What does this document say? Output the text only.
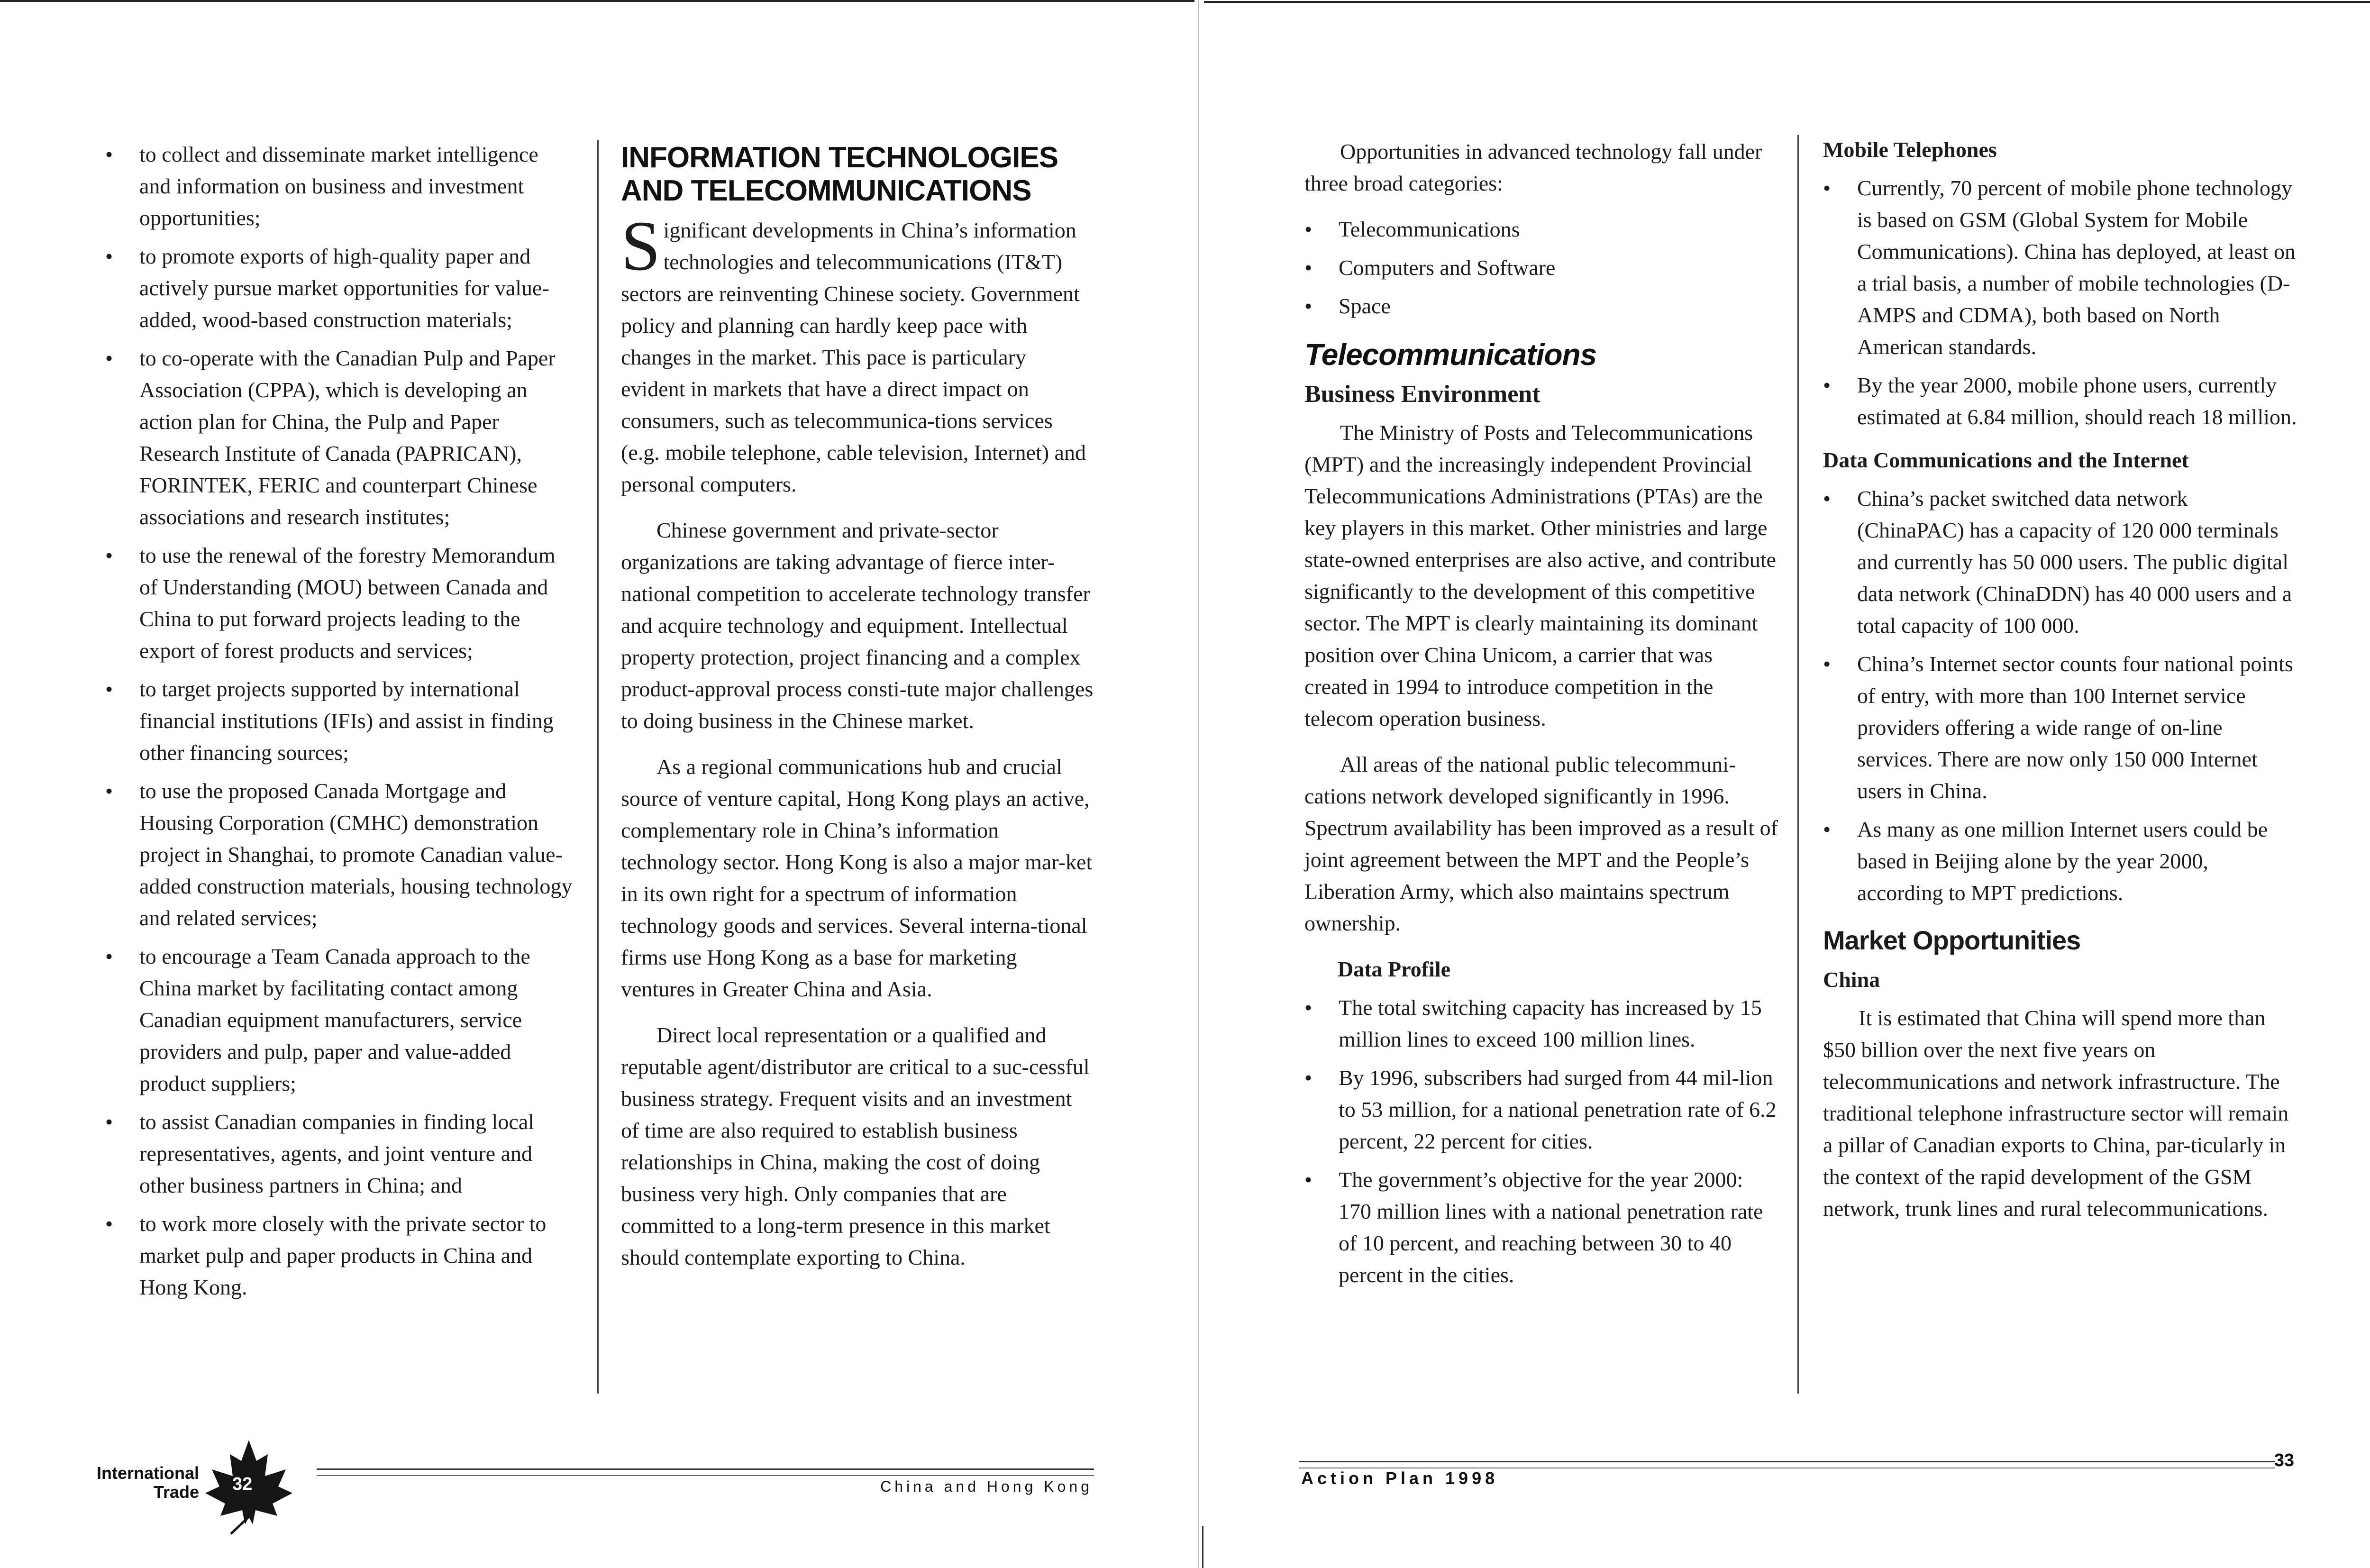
• to collect and disseminate market intelligence and information on business and investment opportunities;
• to promote exports of high-quality paper and actively pursue market opportunities for value-added, wood-based construction materials;
• to co-operate with the Canadian Pulp and Paper Association (CPPA), which is developing an action plan for China, the Pulp and Paper Research Institute of Canada (PAPRICAN), FORINTEK, FERIC and counterpart Chinese associations and research institutes;
• to use the renewal of the forestry Memorandum of Understanding (MOU) between Canada and China to put forward projects leading to the export of forest products and services;
• to target projects supported by international financial institutions (IFIs) and assist in finding other financing sources;
• to use the proposed Canada Mortgage and Housing Corporation (CMHC) demonstration project in Shanghai, to promote Canadian value-added construction materials, housing technology and related services;
• to encourage a Team Canada approach to the China market by facilitating contact among Canadian equipment manufacturers, service providers and pulp, paper and value-added product suppliers;
• to assist Canadian companies in finding local representatives, agents, and joint venture and other business partners in China; and
• to work more closely with the private sector to market pulp and paper products in China and Hong Kong.
INFORMATION TECHNOLOGIES
AND TELECOMMUNICATIONS

Significant developments in China’s information technologies and telecommunications (IT&T) sectors are reinventing Chinese society. Government policy and planning can hardly keep pace with changes in the market. This pace is particulary evident in markets that have a direct impact on consumers, such as telecommunica-tions services (e.g. mobile telephone, cable television, Internet) and personal computers.

Chinese government and private-sector organizations are taking advantage of fierce inter-national competition to accelerate technology transfer and acquire technology and equipment. Intellectual property protection, project financing and a complex product-approval process consti-tute major challenges to doing business in the Chinese market.

As a regional communications hub and crucial source of venture capital, Hong Kong plays an active, complementary role in China’s information technology sector. Hong Kong is also a major mar-ket in its own right for a spectrum of information technology goods and services. Several interna-tional firms use Hong Kong as a base for marketing ventures in Greater China and Asia.

Direct local representation or a qualified and reputable agent/distributor are critical to a suc-cessful business strategy. Frequent visits and an investment of time are also required to establish business relationships in China, making the cost of doing business very high. Only companies that are committed to a long-term presence in this market should contemplate exporting to China.

International
Trade 32	China and Hong Kong

Opportunities in advanced technology fall under three broad categories:

• Telecommunications
• Computers and Software
• Space
Telecommunications
Business Environment

The Ministry of Posts and Telecommunications (MPT) and the increasingly independent Provincial Telecommunications Administrations (PTAs) are the key players in this market. Other ministries and large state-owned enterprises are also active, and contribute significantly to the development of this competitive sector. The MPT is clearly maintaining its dominant position over China Unicom, a carrier that was created in 1994 to introduce competition in the telecom operation business.

All areas of the national public telecommuni-cations network developed significantly in 1996. Spectrum availability has been improved as a result of joint agreement between the MPT and the People’s Liberation Army, which also maintains spectrum ownership.

Data Profile
• The total switching capacity has increased by 15 million lines to exceed 100 million lines.
• By 1996, subscribers had surged from 44 mil-lion to 53 million, for a national penetration rate of 6.2 percent, 22 percent for cities.
• The government’s objective for the year 2000: 170 million lines with a national penetration rate of 10 percent, and reaching between 30 to 40 percent in the cities.
Mobile Telephones
• Currently, 70 percent of mobile phone technology is based on GSM (Global System for Mobile Communications). China has deployed, at least on a trial basis, a number of mobile technologies (D-AMPS and CDMA), both based on North American standards.
• By the year 2000, mobile phone users, currently estimated at 6.84 million, should reach 18 million.
Data Communications and the Internet
• China’s packet switched data network (ChinaPAC) has a capacity of 120 000 terminals and currently has 50 000 users. The public digital data network (ChinaDDN) has 40 000 users and a total capacity of 100 000.
• China’s Internet sector counts four national points of entry, with more than 100 Internet service providers offering a wide range of on-line services. There are now only 150 000 Internet users in China.
• As many as one million Internet users could be based in Beijing alone by the year 2000, according to MPT predictions.
Market Opportunities
China

It is estimated that China will spend more than $50 billion over the next five years on telecommunications and network infrastructure. The traditional telephone infrastructure sector will remain a pillar of Canadian exports to China, par-ticularly in the context of the rapid development of the GSM network, trunk lines and rural telecommunications.

Action Plan 1998
33
